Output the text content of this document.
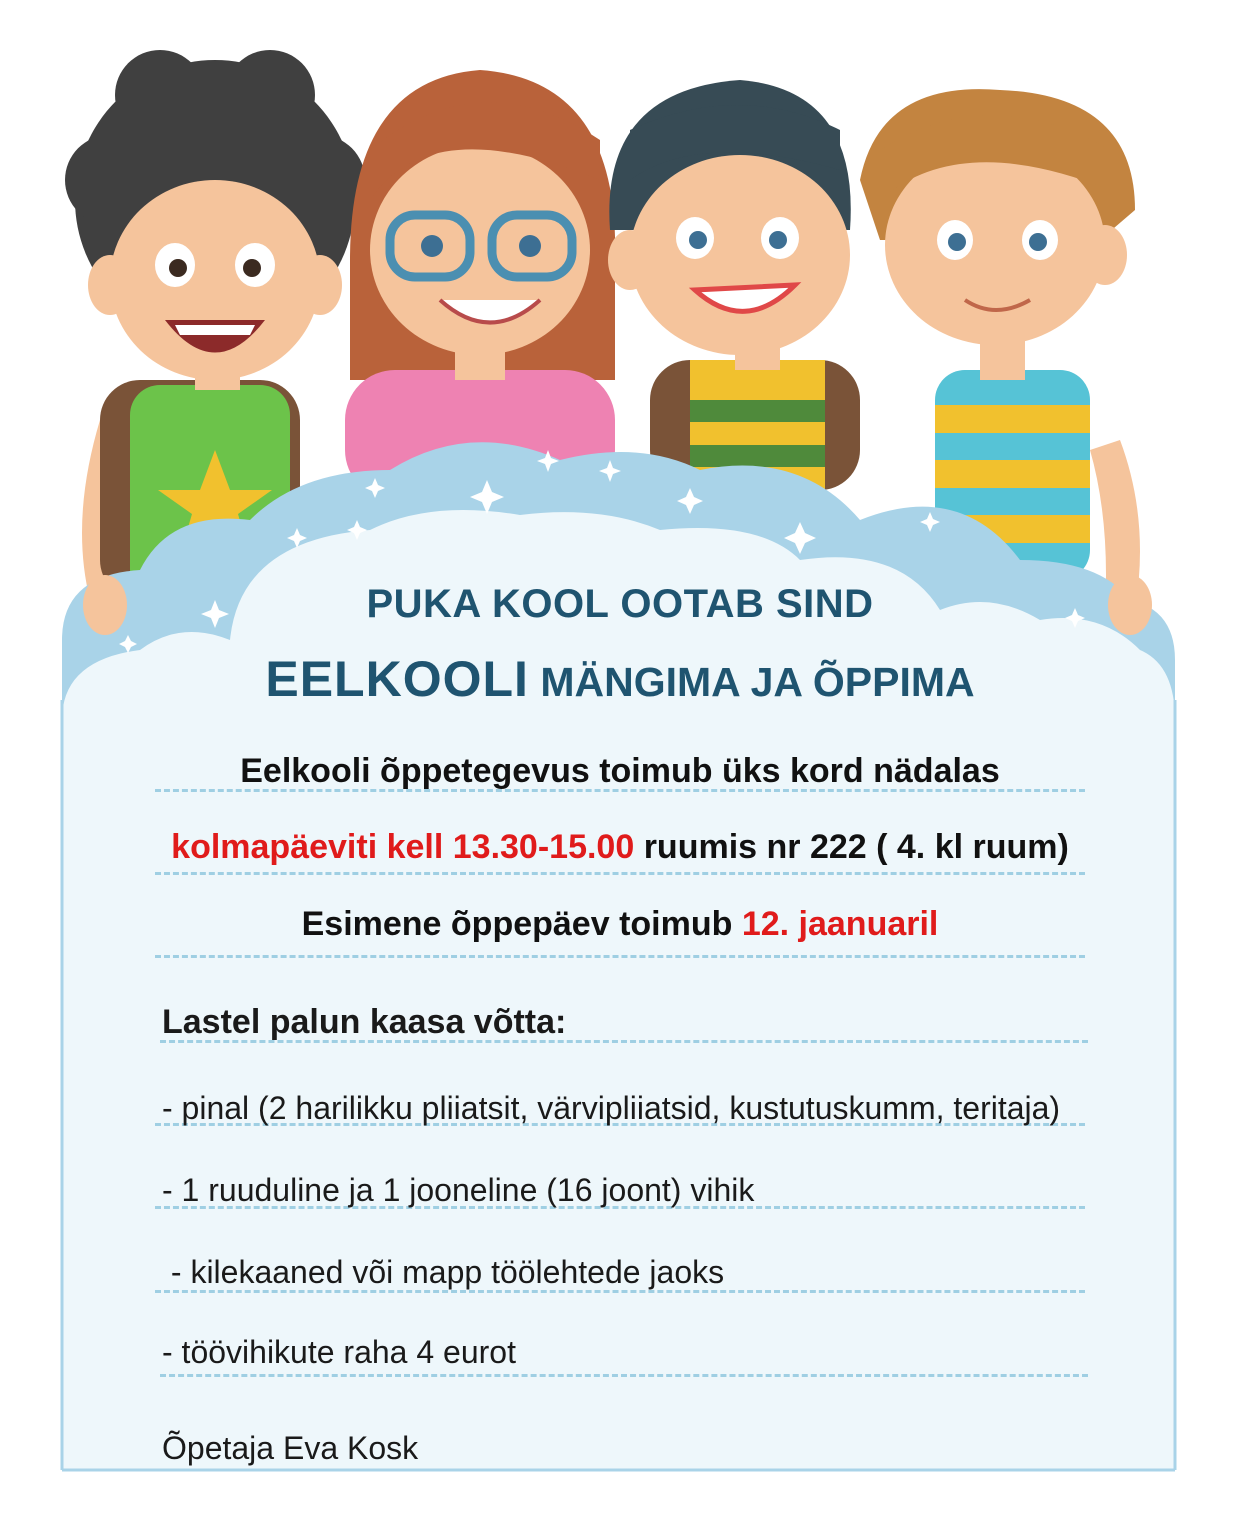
PUKA KOOL OOTAB SIND
EELKOOLI MÄNGIMA JA ÕPPIMA
Eelkooli õppetegevus toimub üks kord nädalas
kolmapäeviti kell 13.30-15.00 ruumis nr 222 ( 4. kl ruum)
Esimene õppepäev toimub 12. jaanuaril
Lastel palun kaasa võtta:
- pinal (2 harilikku pliiatsit, värvipliiatsid, kustutuskumm, teritaja)
- 1 ruuduline ja 1 jooneline (16 joont) vihik
- kilekaaned või mapp töölehtede jaoks
- töövihikute raha 4 eurot
Õpetaja Eva Kosk
